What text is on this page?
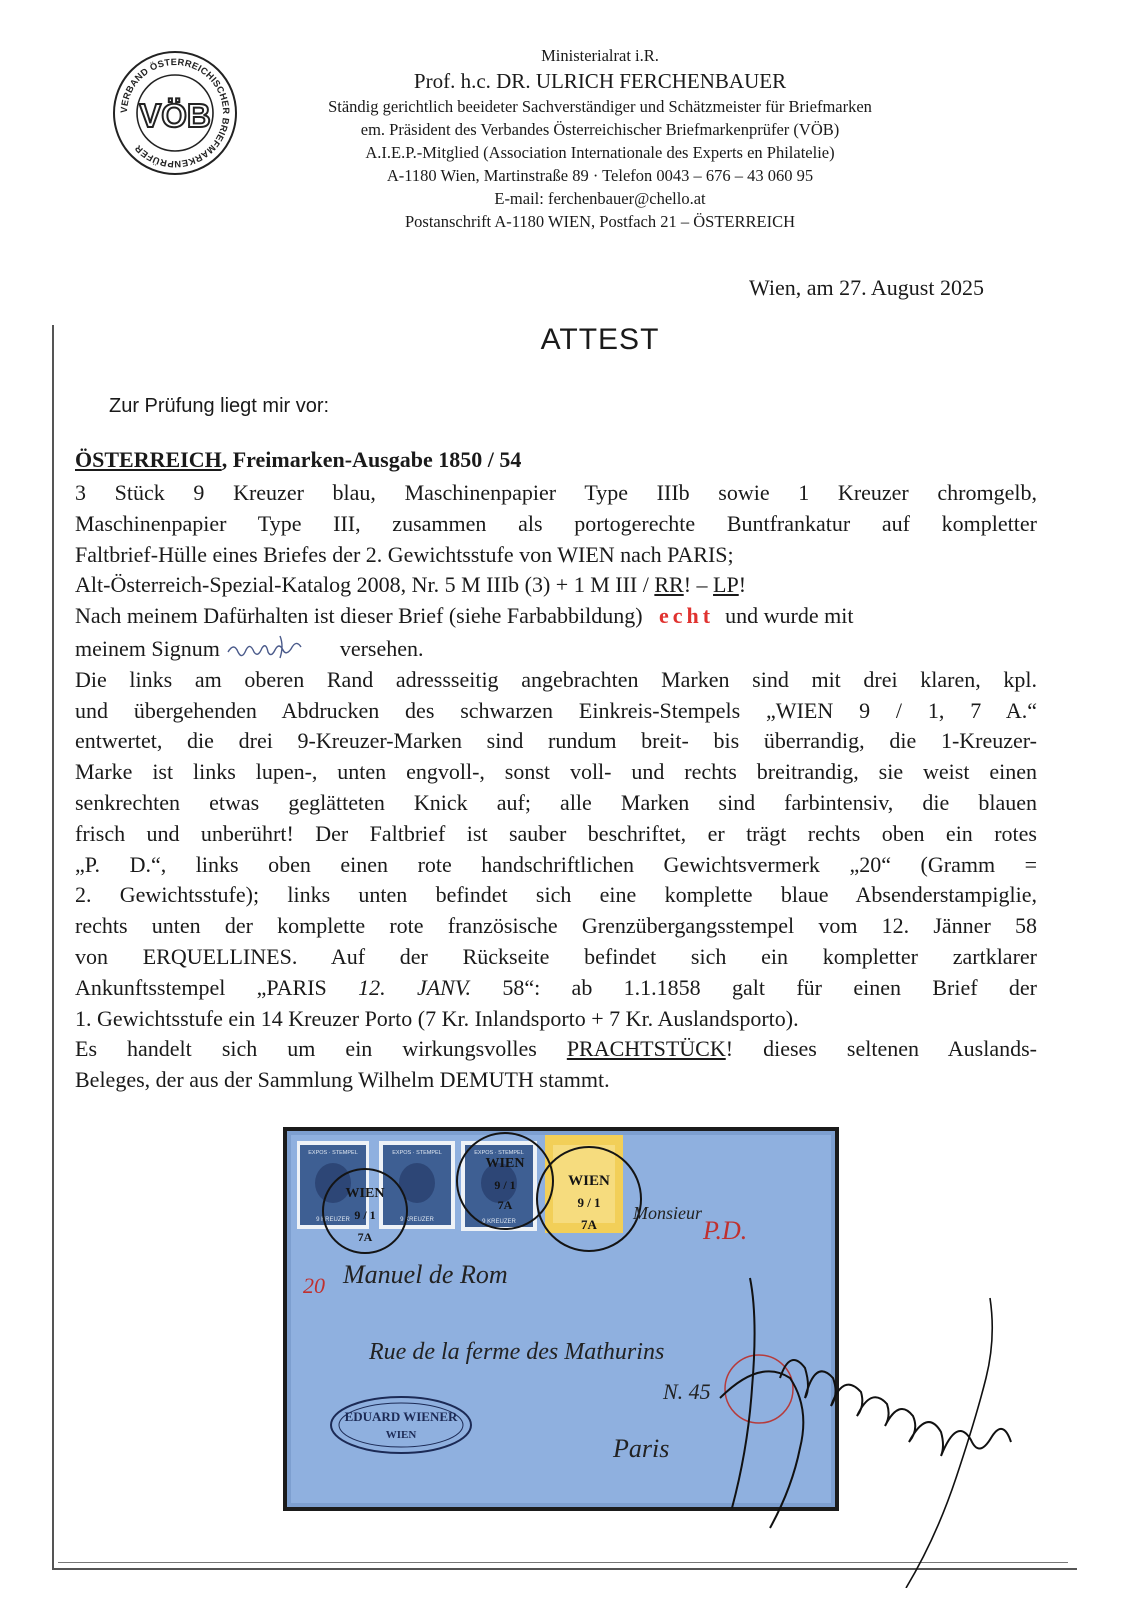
VERBAND ÖSTERREICHISCHER BRIEFMARKENPRÜFER
VÖB
Ministerialrat i.R.
Prof. h.c. DR. ULRICH FERCHENBAUER
Ständig gerichtlich beeideter Sachverständiger und Schätzmeister für Briefmarken
em. Präsident des Verbandes Österreichischer Briefmarkenprüfer (VÖB)
A.I.E.P.-Mitglied (Association Internationale des Experts en Philatelie)
A-1180 Wien, Martinstraße 89 · Telefon 0043 – 676 – 43 060 95
E-mail: ferchenbauer@chello.at
Postanschrift A-1180 WIEN, Postfach 21 – ÖSTERREICH
Wien, am 27. August 2025
ATTEST
Zur Prüfung liegt mir vor:
ÖSTERREICH, Freimarken-Ausgabe 1850 / 54
3 Stück 9 Kreuzer blau, Maschinenpapier Type IIIb sowie 1 Kreuzer chromgelb,
Maschinenpapier Type III, zusammen als portogerechte Buntfrankatur auf kompletter
Faltbrief-Hülle eines Briefes der 2. Gewichtsstufe von WIEN nach PARIS;
Alt-Österreich-Spezial-Katalog 2008, Nr. 5 M IIIb (3) + 1 M III / RR! – LP!
Nach meinem Dafürhalten ist dieser Brief (siehe Farbabbildung) echt und wurde mit
meinem Signum	versehen.
Die links am oberen Rand adressseitig angebrachten Marken sind mit drei klaren, kpl.
und übergehenden Abdrucken des schwarzen Einkreis-Stempels „WIEN 9 / 1, 7 A.“
entwertet, die drei 9-Kreuzer-Marken sind rundum breit- bis überrandig, die 1-Kreuzer-
Marke ist links lupen-, unten engvoll-, sonst voll- und rechts breitrandig, sie weist einen
senkrechten etwas geglätteten Knick auf; alle Marken sind farbintensiv, die blauen
frisch und unberührt! Der Faltbrief ist sauber beschriftet, er trägt rechts oben ein rotes
„P. D.“, links oben einen rote handschriftlichen Gewichtsvermerk „20“ (Gramm =
2. Gewichtsstufe); links unten befindet sich eine komplette blaue Absenderstampiglie,
rechts unten der komplette rote französische Grenzübergangsstempel vom 12. Jänner 58
von ERQUELLINES. Auf der Rückseite befindet sich ein kompletter zartklarer
Ankunftsstempel „PARIS 12. JANV. 58“: ab 1.1.1858 galt für einen Brief der
1. Gewichtsstufe ein 14 Kreuzer Porto (7 Kr. Inlandsporto + 7 Kr. Auslandsporto).
Es handelt sich um ein wirkungsvolles PRACHTSTÜCK! dieses seltenen Auslands-
Beleges, der aus der Sammlung Wilhelm DEMUTH stammt.
EXPOS · STEMPEL
9 KREUZER
EXPOS · STEMPEL
9 KREUZER
EXPOS · STEMPEL
9 KREUZER
WIEN
9 / 1
7A
WIEN
9 / 1
7A
WIEN
9 / 1
7A	P.D.
20
Monsieur
Manuel de Rom
Rue de la ferme des Mathurins
N. 45
Paris
EDUARD WIENER
WIEN
